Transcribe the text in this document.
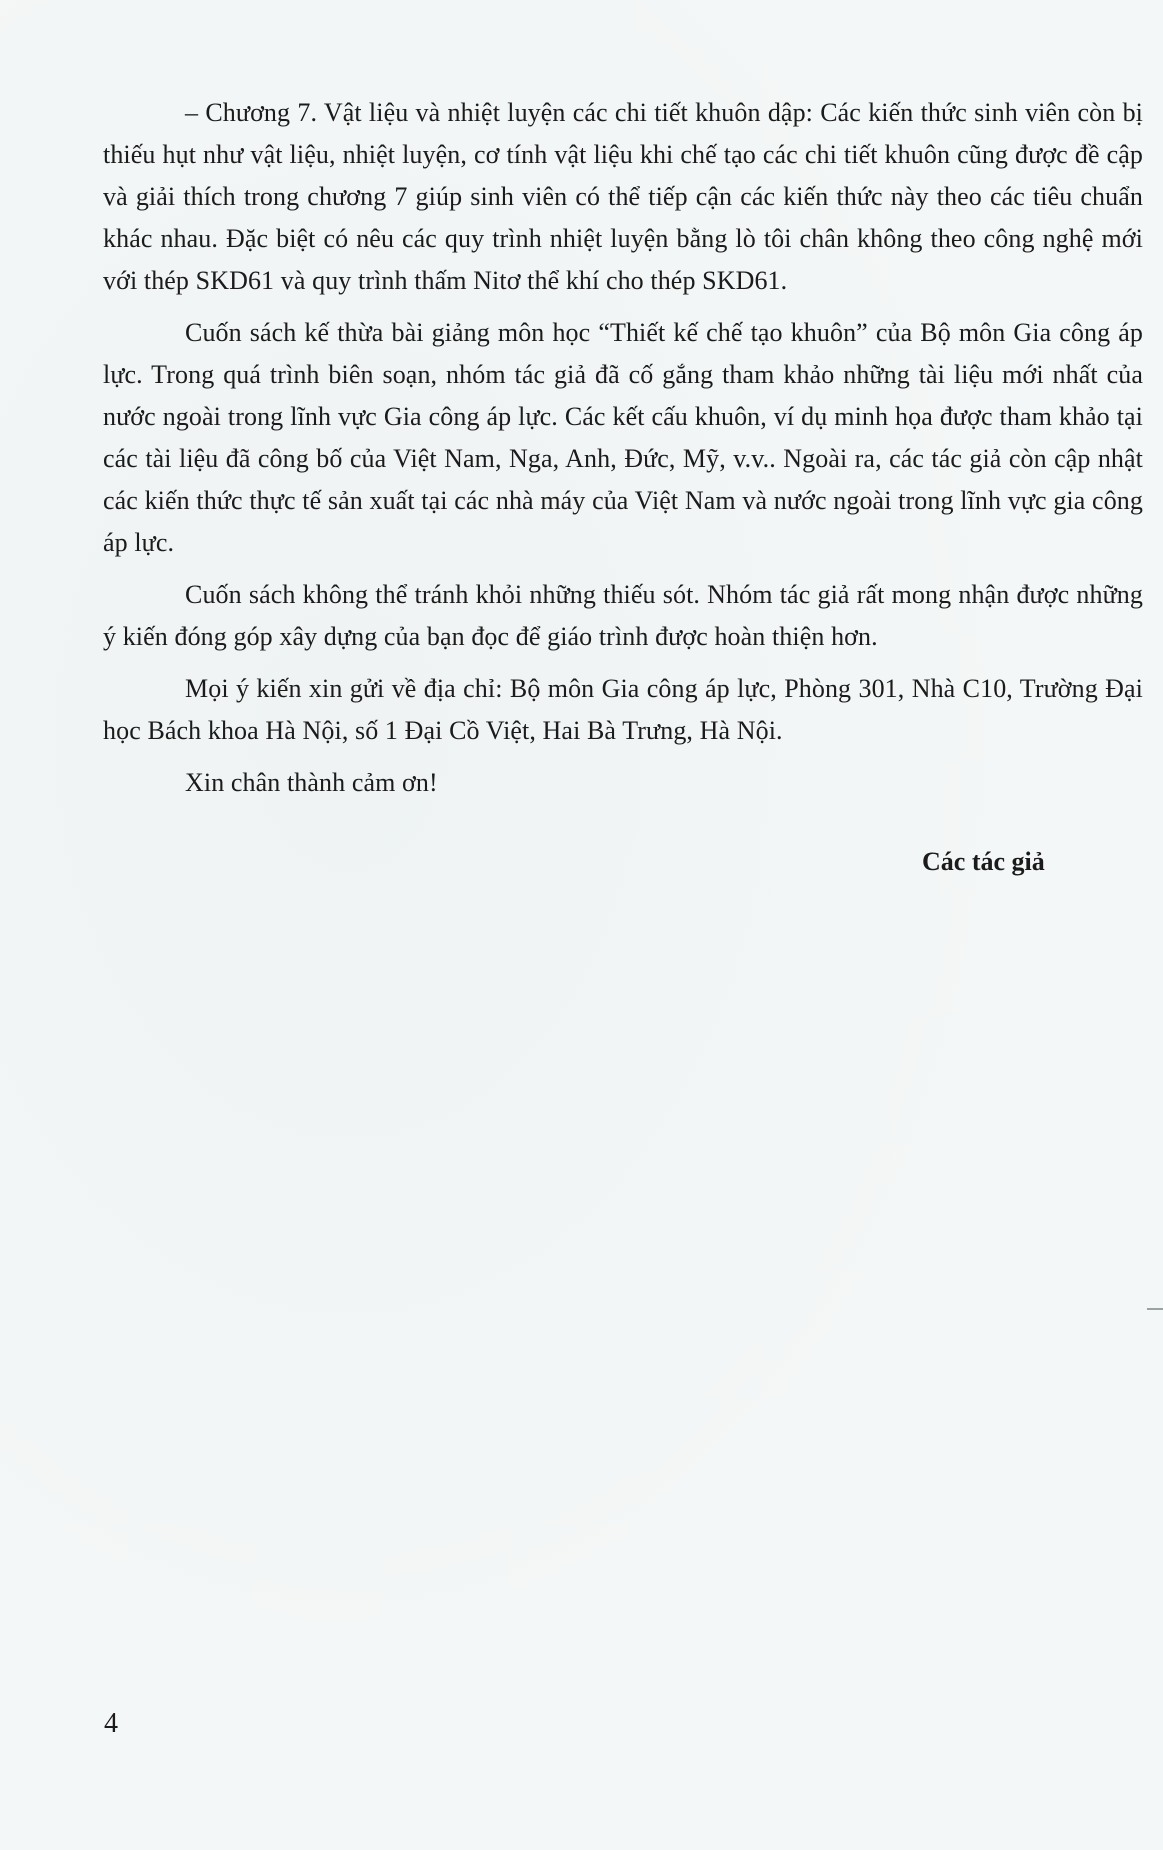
– Chương 7. Vật liệu và nhiệt luyện các chi tiết khuôn dập: Các kiến thức sinh viên còn bị thiếu hụt như vật liệu, nhiệt luyện, cơ tính vật liệu khi chế tạo các chi tiết khuôn cũng được đề cập và giải thích trong chương 7 giúp sinh viên có thể tiếp cận các kiến thức này theo các tiêu chuẩn khác nhau. Đặc biệt có nêu các quy trình nhiệt luyện bằng lò tôi chân không theo công nghệ mới với thép SKD61 và quy trình thấm Nitơ thể khí cho thép SKD61.

Cuốn sách kế thừa bài giảng môn học “Thiết kế chế tạo khuôn” của Bộ môn Gia công áp lực. Trong quá trình biên soạn, nhóm tác giả đã cố gắng tham khảo những tài liệu mới nhất của nước ngoài trong lĩnh vực Gia công áp lực. Các kết cấu khuôn, ví dụ minh họa được tham khảo tại các tài liệu đã công bố của Việt Nam, Nga, Anh, Đức, Mỹ, v.v.. Ngoài ra, các tác giả còn cập nhật các kiến thức thực tế sản xuất tại các nhà máy của Việt Nam và nước ngoài trong lĩnh vực gia công áp lực.

Cuốn sách không thể tránh khỏi những thiếu sót. Nhóm tác giả rất mong nhận được những ý kiến đóng góp xây dựng của bạn đọc để giáo trình được hoàn thiện hơn.

Mọi ý kiến xin gửi về địa chỉ: Bộ môn Gia công áp lực, Phòng 301, Nhà C10, Trường Đại học Bách khoa Hà Nội, số 1 Đại Cồ Việt, Hai Bà Trưng, Hà Nội.

Xin chân thành cảm ơn!

Các tác giả
4
